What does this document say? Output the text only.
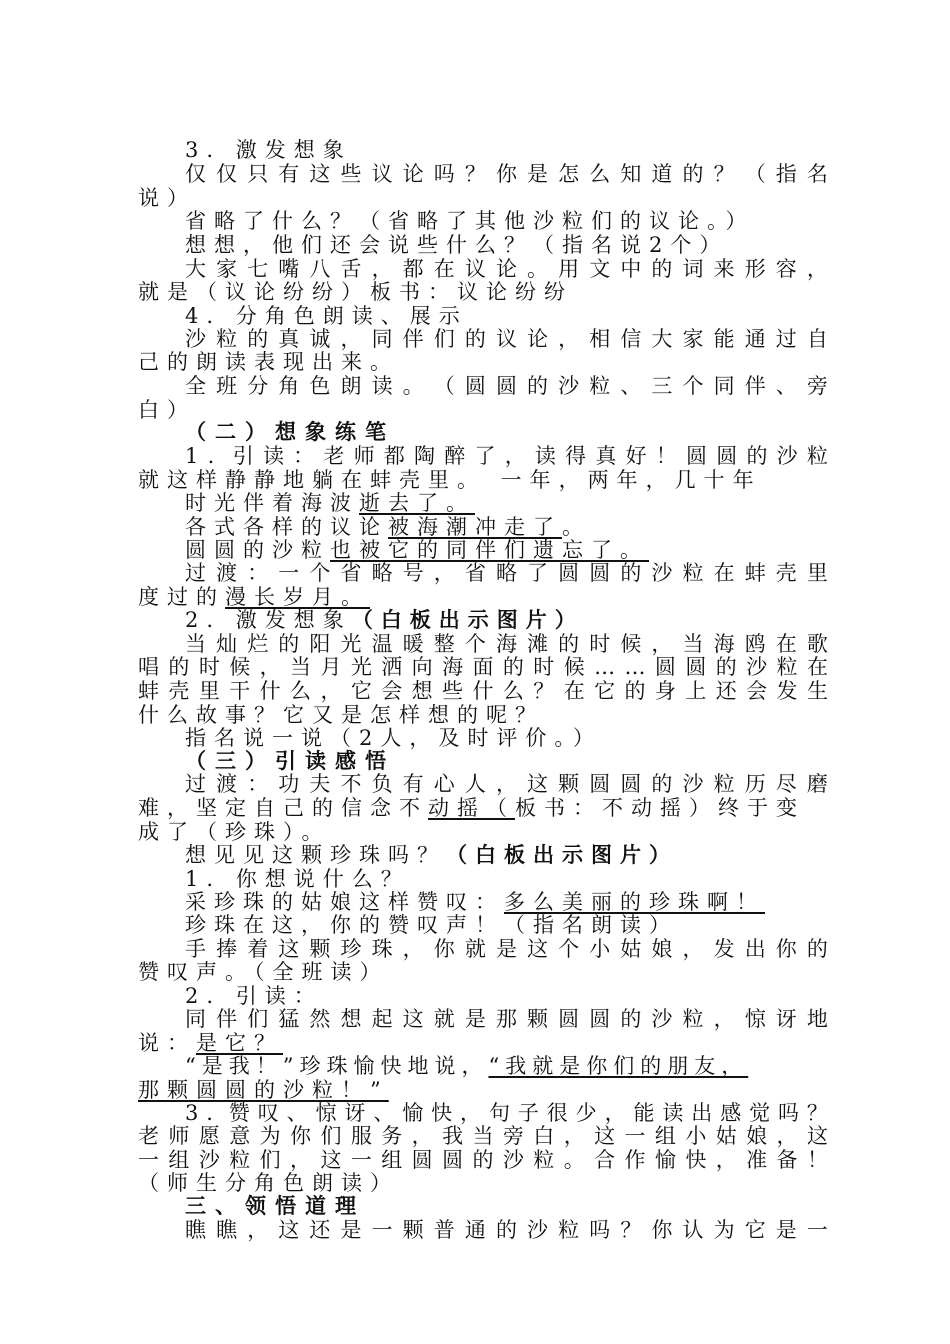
3. 激发想象
仅 仅 只 有 这 些 议 论 吗 ？ 你 是 怎 么 知 道 的 ？ （ 指 名
说）
省略了什么？（省略了其他沙粒们的议论。）
想想，他们还会说些什么？（指名说2个）
大 家 七 嘴 八 舌 ， 都 在 议 论 。 用 文 中 的 词 来 形 容 ，
就是（议论纷纷）板书：议论纷纷
4. 分角色朗读、展示
沙 粒 的 真 诚 ， 同 伴 们 的 议 论 ， 相 信 大 家 能 通 过 自
己的朗读表现出来。
全 班 分 角 色 朗 读 。 （ 圆 圆 的 沙 粒 、 三 个 同 伴 、 旁
白）
（二）想象练笔
1 . 引 读 ： 老 师 都 陶 醉 了 ， 读 得 真 好 ！ 圆 圆 的 沙 粒
就这样静静地躺在蚌壳里。 一年，两年，几十年
时光伴着海波逝去了。
各式各样的议论被海潮冲走了。
圆圆的沙粒也被它的同伴们遗忘了。
过 渡 ： 一 个 省 略 号 ， 省 略 了 圆 圆 的 沙 粒 在 蚌 壳 里
度过的漫长岁月。
2. 激发想象（白板出示图片）
当 灿 烂 的 阳 光 温 暖 整 个 海 滩 的 时 候 ， 当 海 鸥 在 歌
唱 的 时 候 ， 当 月 光 洒 向 海 面 的 时 候 … … 圆 圆 的 沙 粒 在
蚌 壳 里 干 什 么 ， 它 会 想 些 什 么 ？ 在 它 的 身 上 还 会 发 生
什么故事？它又是怎样想的呢？
指名说一说（2人，及时评价。）
（三）引读感悟
过 渡 ： 功 夫 不 负 有 心 人 ， 这 颗 圆 圆 的 沙 粒 历 尽 磨
难，坚定自己的信念不动摇（板书：不动摇）终于变
成了（珍珠）。
想见见这颗珍珠吗？（白板出示图片）
1. 你想说什么？
采珍珠的姑娘这样赞叹：多么美丽的珍珠啊！
珍珠在这，你的赞叹声！（指名朗读）
手 捧 着 这 颗 珍 珠 ， 你 就 是 这 个 小 姑 娘 ， 发 出 你 的
赞叹声。（全班读）
2. 引读：
同 伴 们 猛 然 想 起 这 就 是 那 颗 圆 圆 的 沙 粒 ， 惊 讶 地
说：是它？
“是我！”珍珠愉快地说，“我就是你们的朋友，
那颗圆圆的沙粒！”
3 . 赞 叹 、 惊 讶 、 愉 快 ， 句 子 很 少 ， 能 读 出 感 觉 吗 ？
老 师 愿 意 为 你 们 服 务 ， 我 当 旁 白 ， 这 一 组 小 姑 娘 ， 这
一 组 沙 粒 们 ， 这 一 组 圆 圆 的 沙 粒 。 合 作 愉 快 ， 准 备 ！
（师生分角色朗读）
三、领悟道理
瞧 瞧 ， 这 还 是 一 颗 普 通 的 沙 粒 吗 ？ 你 认 为 它 是 一
